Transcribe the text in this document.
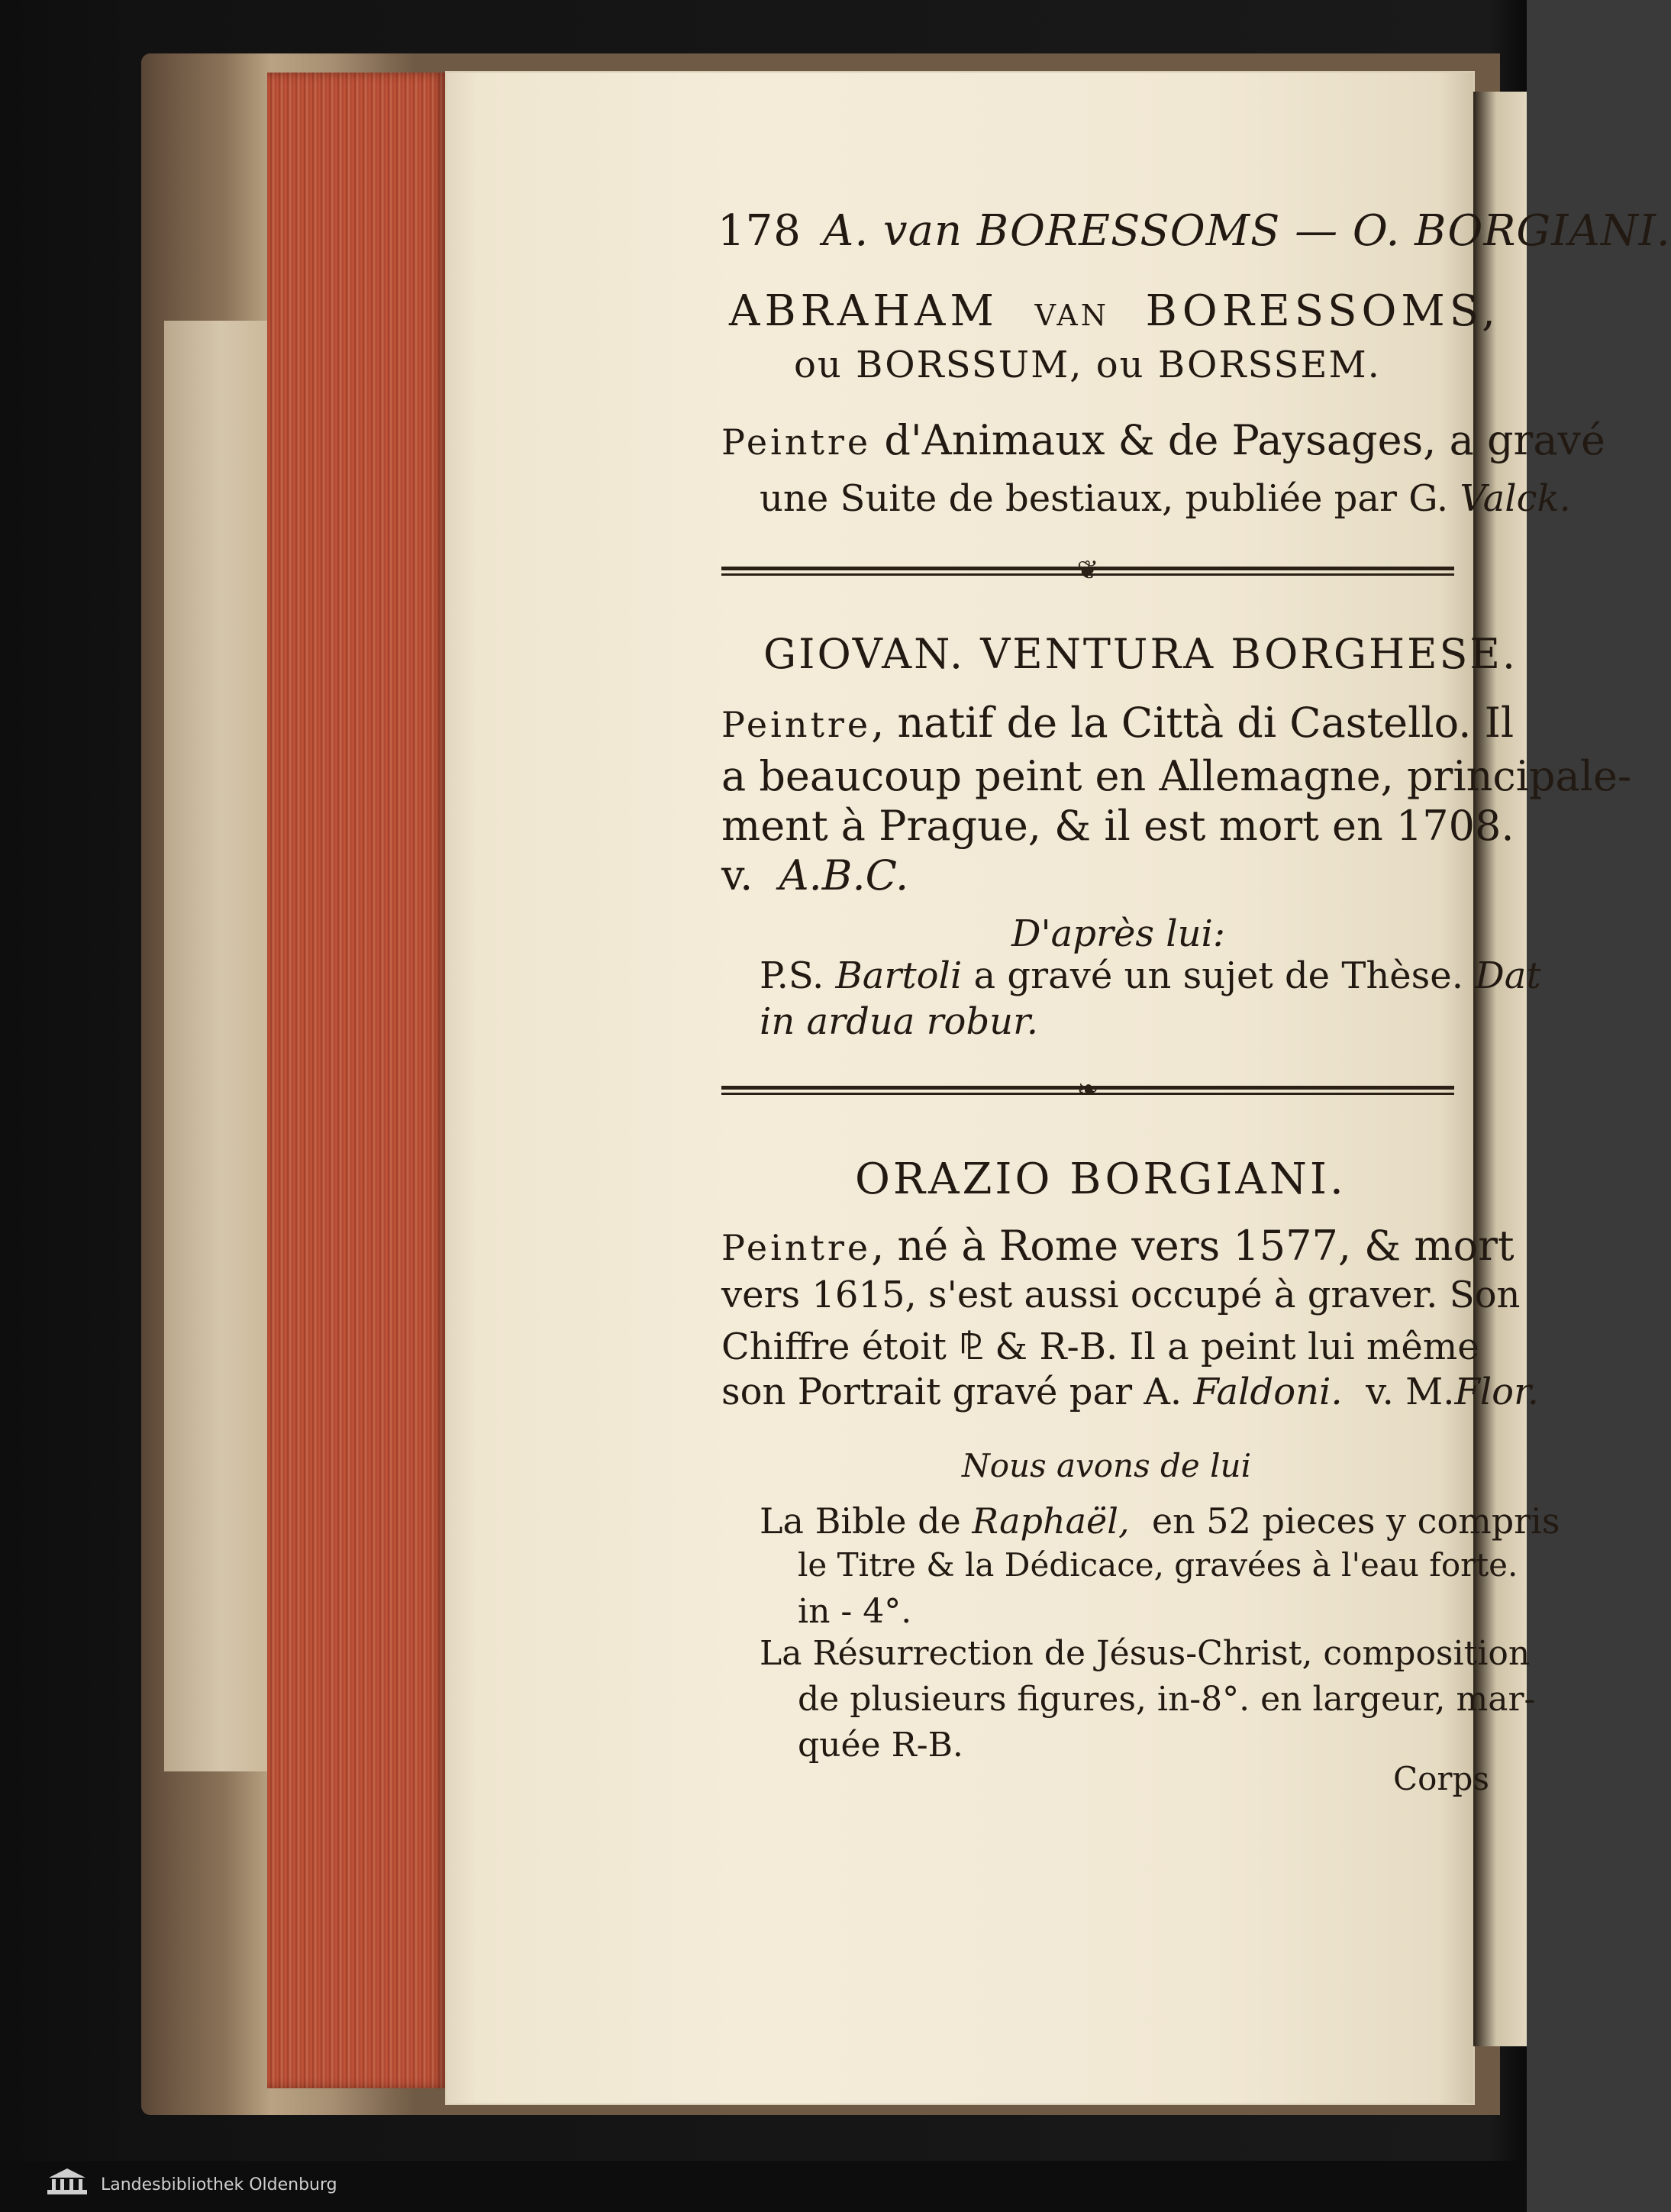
178 A. van BORESSOMS — O. BORGIANI.
ABRAHAM VAN BORESSOMS,
ou BORSSUM, ou BORSSEM.
Peintre d'Animaux & de Paysages, a gravé
une Suite de bestiaux, publiée par G. Valck.
❦
GIOVAN. VENTURA BORGHESE.
Peintre, natif de la Città di Castello. Il
a beaucoup peint en Allemagne, principale-
ment à Prague, & il est mort en 1708.
v. A.B.C.
D'après lui:
P.S. Bartoli a gravé un sujet de Thèse. Dat
in ardua robur.
❧
ORAZIO BORGIANI.
Peintre, né à Rome vers 1577, & mort
vers 1615, s'est aussi occupé à graver. Son
Chiffre étoit ⅊ & R-B. Il a peint lui même
son Portrait gravé par A. Faldoni. v. M.Flor.
Nous avons de lui
La Bible de Raphaël, en 52 pieces y compris
le Titre & la Dédicace, gravées à l'eau forte.
in - 4°.
La Résurrection de Jésus-Christ, composition
de plusieurs figures, in-8°. en largeur, mar-
quée R-B.
Corps
Landesbibliothek Oldenburg
